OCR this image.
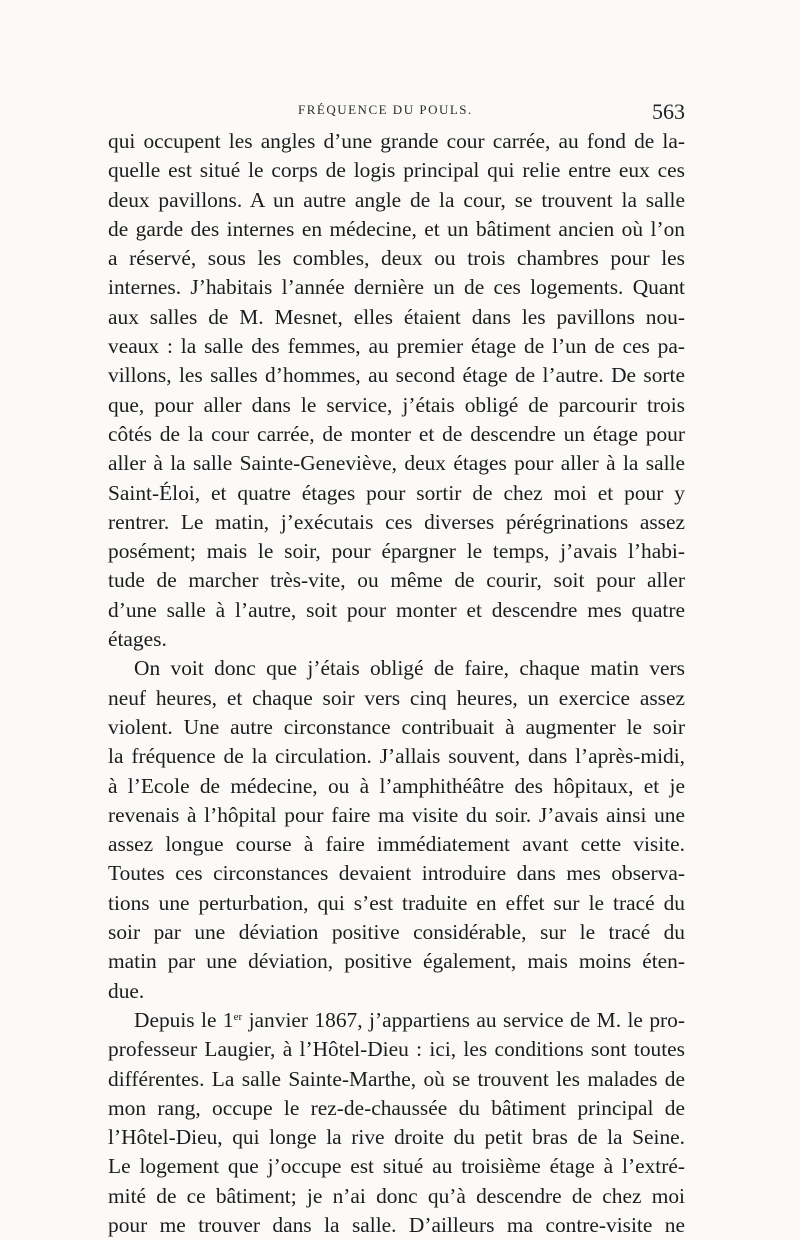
FRÉQUENCE DU POULS.	563
qui occupent les angles d’une grande cour carrée, au fond de la-
quelle est situé le corps de logis principal qui relie entre eux ces
deux pavillons. A un autre angle de la cour, se trouvent la salle
de garde des internes en médecine, et un bâtiment ancien où l’on
a réservé, sous les combles, deux ou trois chambres pour les
internes. J’habitais l’année dernière un de ces logements. Quant
aux salles de M. Mesnet, elles étaient dans les pavillons nou-
veaux : la salle des femmes, au premier étage de l’un de ces pa-
villons, les salles d’hommes, au second étage de l’autre. De sorte
que, pour aller dans le service, j’étais obligé de parcourir trois
côtés de la cour carrée, de monter et de descendre un étage pour
aller à la salle Sainte-Geneviève, deux étages pour aller à la salle
Saint-Éloi, et quatre étages pour sortir de chez moi et pour y
rentrer. Le matin, j’exécutais ces diverses pérégrinations assez
posément; mais le soir, pour épargner le temps, j’avais l’habi-
tude de marcher très-vite, ou même de courir, soit pour aller
d’une salle à l’autre, soit pour monter et descendre mes quatre
étages.
On voit donc que j’étais obligé de faire, chaque matin vers
neuf heures, et chaque soir vers cinq heures, un exercice assez
violent. Une autre circonstance contribuait à augmenter le soir
la fréquence de la circulation. J’allais souvent, dans l’après-midi,
à l’Ecole de médecine, ou à l’amphithéâtre des hôpitaux, et je
revenais à l’hôpital pour faire ma visite du soir. J’avais ainsi une
assez longue course à faire immédiatement avant cette visite.
Toutes ces circonstances devaient introduire dans mes observa-
tions une perturbation, qui s’est traduite en effet sur le tracé du
soir par une déviation positive considérable, sur le tracé du
matin par une déviation, positive également, mais moins éten-
due.
Depuis le 1er janvier 1867, j’appartiens au service de M. le pro-
professeur Laugier, à l’Hôtel-Dieu : ici, les conditions sont toutes
différentes. La salle Sainte-Marthe, où se trouvent les malades de
mon rang, occupe le rez-de-chaussée du bâtiment principal de
l’Hôtel-Dieu, qui longe la rive droite du petit bras de la Seine.
Le logement que j’occupe est situé au troisième étage à l’extré-
mité de ce bâtiment; je n’ai donc qu’à descendre de chez moi
pour me trouver dans la salle. D’ailleurs ma contre-visite ne
